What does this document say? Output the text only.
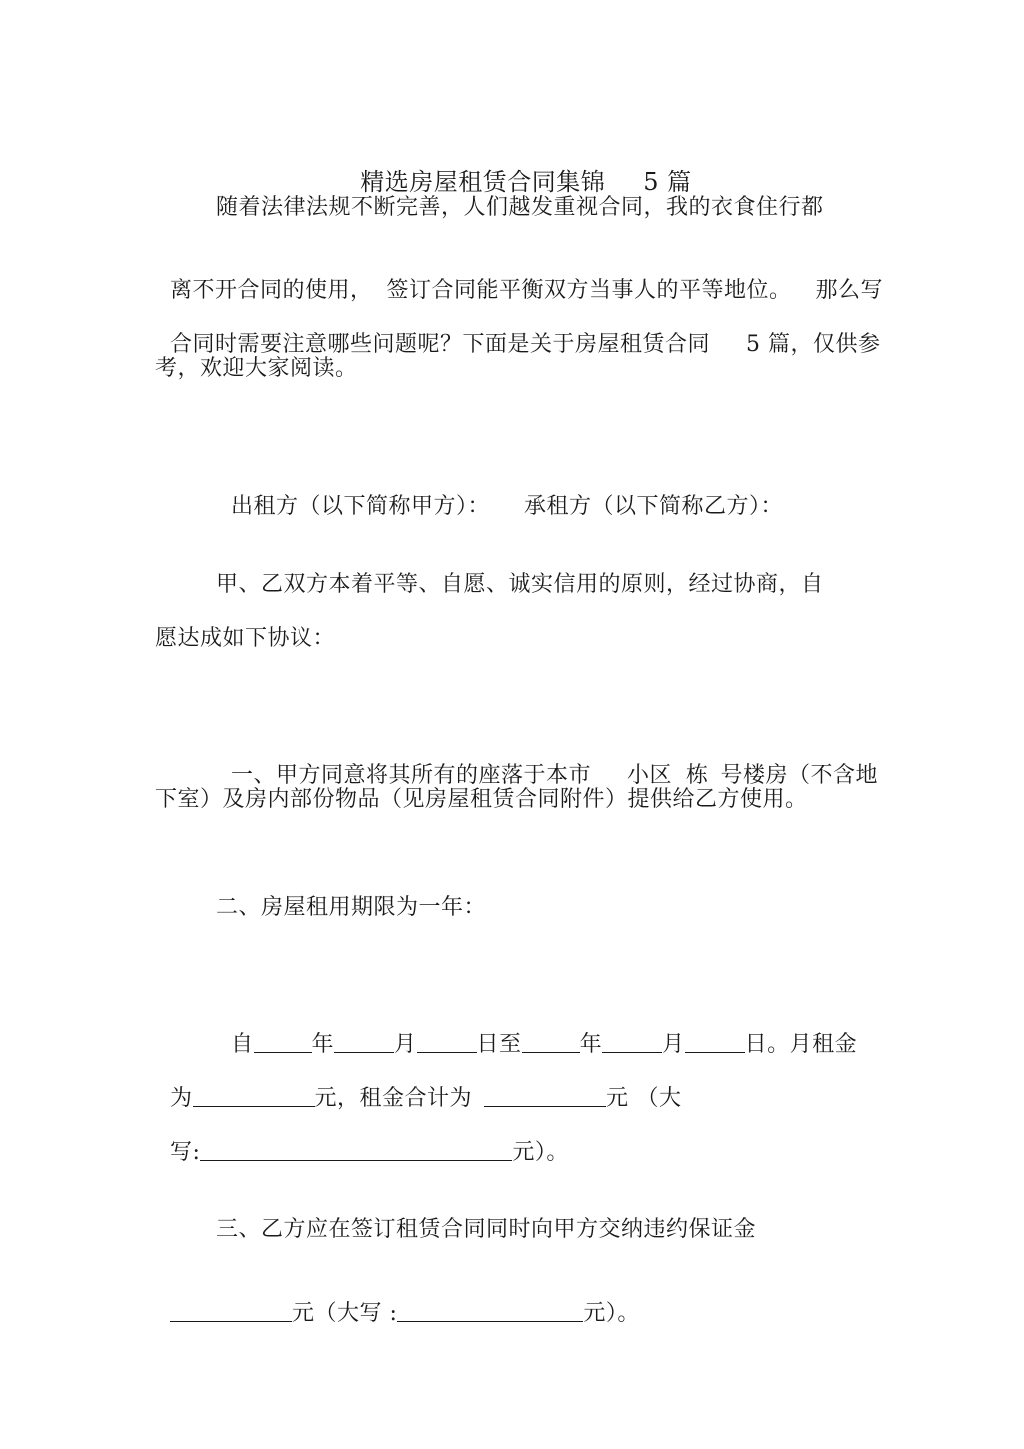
精选房屋租赁合同集锦 5 篇

随着法律法规不断完善，人们越发重视合同，我的衣食住行都

离不开合同的使用， 签订合同能平衡双方当事人的平等地位。 那么写

合同时需要注意哪些问题呢？下面是关于房屋租赁合同 5 篇，仅供参

考，欢迎大家阅读。

出租方（以下简称甲方）： 承租方（以下简称乙方）：

甲、乙双方本着平等、自愿、诚实信用的原则，经过协商，自
愿达成如下协议：

一、甲方同意将其所有的座落于本市 小区 栋 号楼房（不含地

下室）及房内部份物品（见房屋租赁合同附件）提供给乙方使用。
二、房屋租用期限为一年：

自	年	月	日至	年	月	日。月租金

为	元，租金合计为	元 （大

写:	元）。

三、乙方应在签订租赁合同同时向甲方交纳违约保证金

元（大写 :	元）。
